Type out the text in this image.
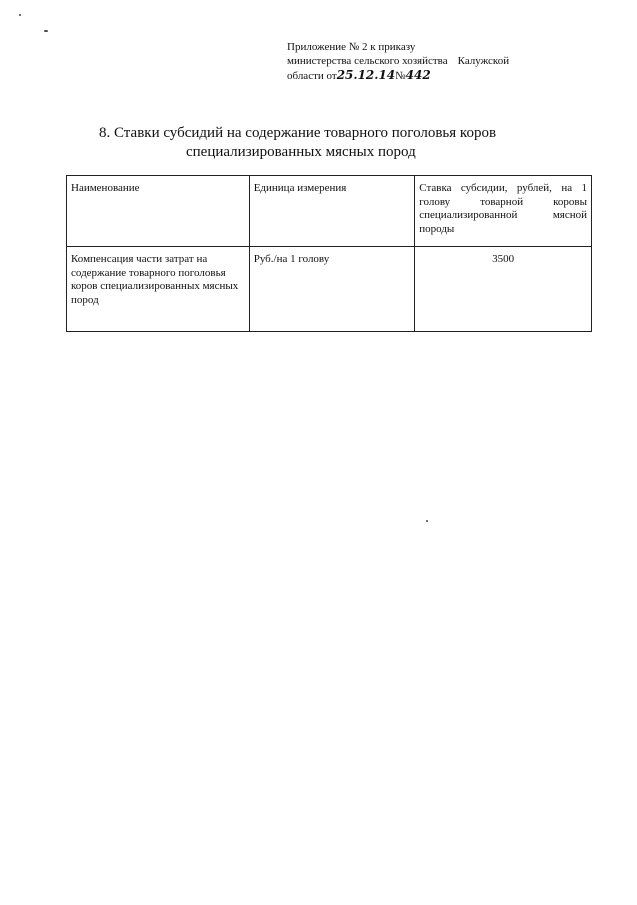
Приложение № 2 к приказу
министерства сельского хозяйства Калужской
области от25.12.14№442
8. Ставки субсидий на содержание товарного поголовья коров
специализированных мясных пород
Наименование	Единица измерения	Ставка субсидии, рублей, на 1 голову товарной коровы специализированной мясной породы
Компенсация части затрат на содержание товарного поголовья коров специализированных мясных пород	Руб./на 1 голову	3500
